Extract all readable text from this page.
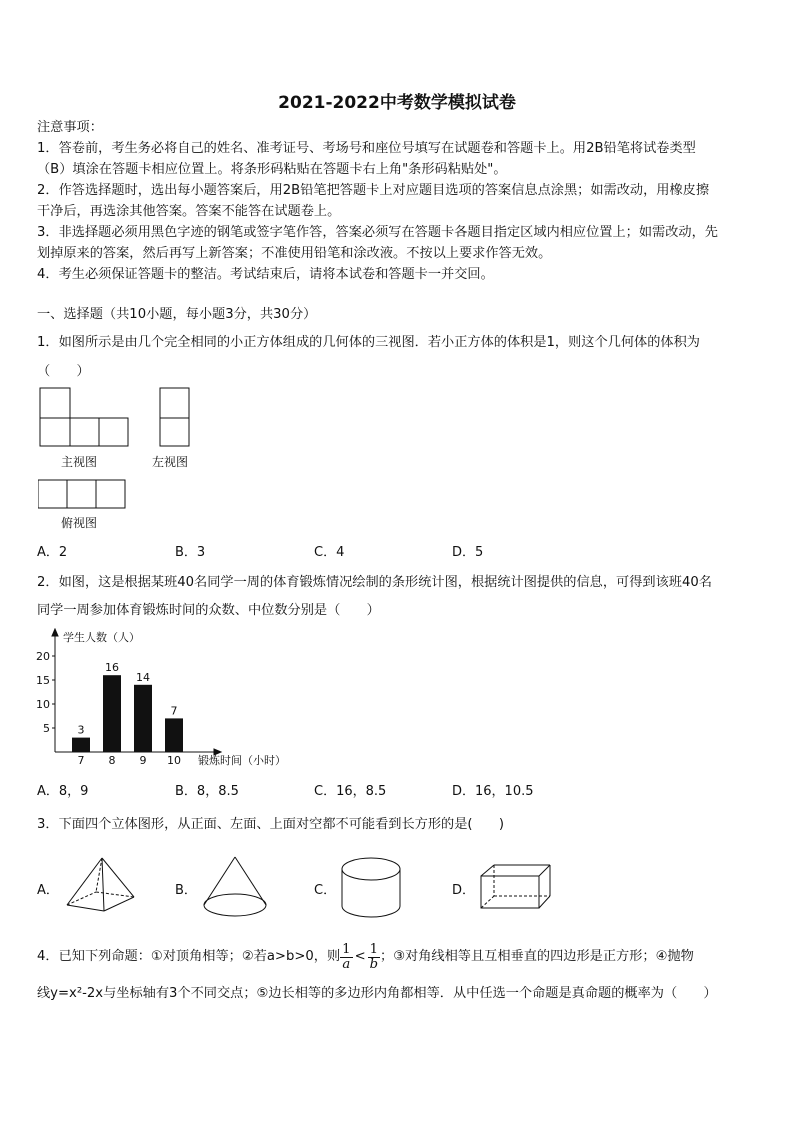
2021-2022中考数学模拟试卷
注意事项：
1．答卷前，考生务必将自己的姓名、准考证号、考场号和座位号填写在试题卷和答题卡上。用2B铅笔将试卷类型
（B）填涂在答题卡相应位置上。将条形码粘贴在答题卡右上角"条形码粘贴处"。
2．作答选择题时，选出每小题答案后，用2B铅笔把答题卡上对应题目选项的答案信息点涂黑；如需改动，用橡皮擦
干净后，再选涂其他答案。答案不能答在试题卷上。
3．非选择题必须用黑色字迹的钢笔或签字笔作答，答案必须写在答题卡各题目指定区域内相应位置上；如需改动，先
划掉原来的答案，然后再写上新答案；不准使用铅笔和涂改液。不按以上要求作答无效。
4．考生必须保证答题卡的整洁。考试结束后，请将本试卷和答题卡一并交回。
一、选择题（共10小题，每小题3分，共30分）
1．如图所示是由几个完全相同的小正方体组成的几何体的三视图．若小正方体的体积是1，则这个几何体的体积为
（　　）
主视图	左视图
俯视图
A．2	B．3	C．4	D．5
2．如图，这是根据某班40名同学一周的体育锻炼情况绘制的条形统计图，根据统计图提供的信息，可得到该班40名
同学一周参加体育锻炼时间的众数、中位数分别是（　　）
5
10
15
20
3
7
16
8
14
9
7
10
学生人数（人）
锻炼时间（小时）
A．8，9	B．8，8.5	C．16，8.5	D．16，10.5
3．下面四个立体图形，从正面、左面、上面对空都不可能看到长方形的是(　　)
A．	B．	C．	D．
4．已知下列命题：①对顶角相等；②若a>b>0，则 $\frac{1}{a} < \frac{1}{b}$ ；③对角线相等且互相垂直的四边形是正方形；④抛物
线y=x²-2x与坐标轴有3个不同交点；⑤边长相等的多边形内角都相等．从中任选一个命题是真命题的概率为（　　）
